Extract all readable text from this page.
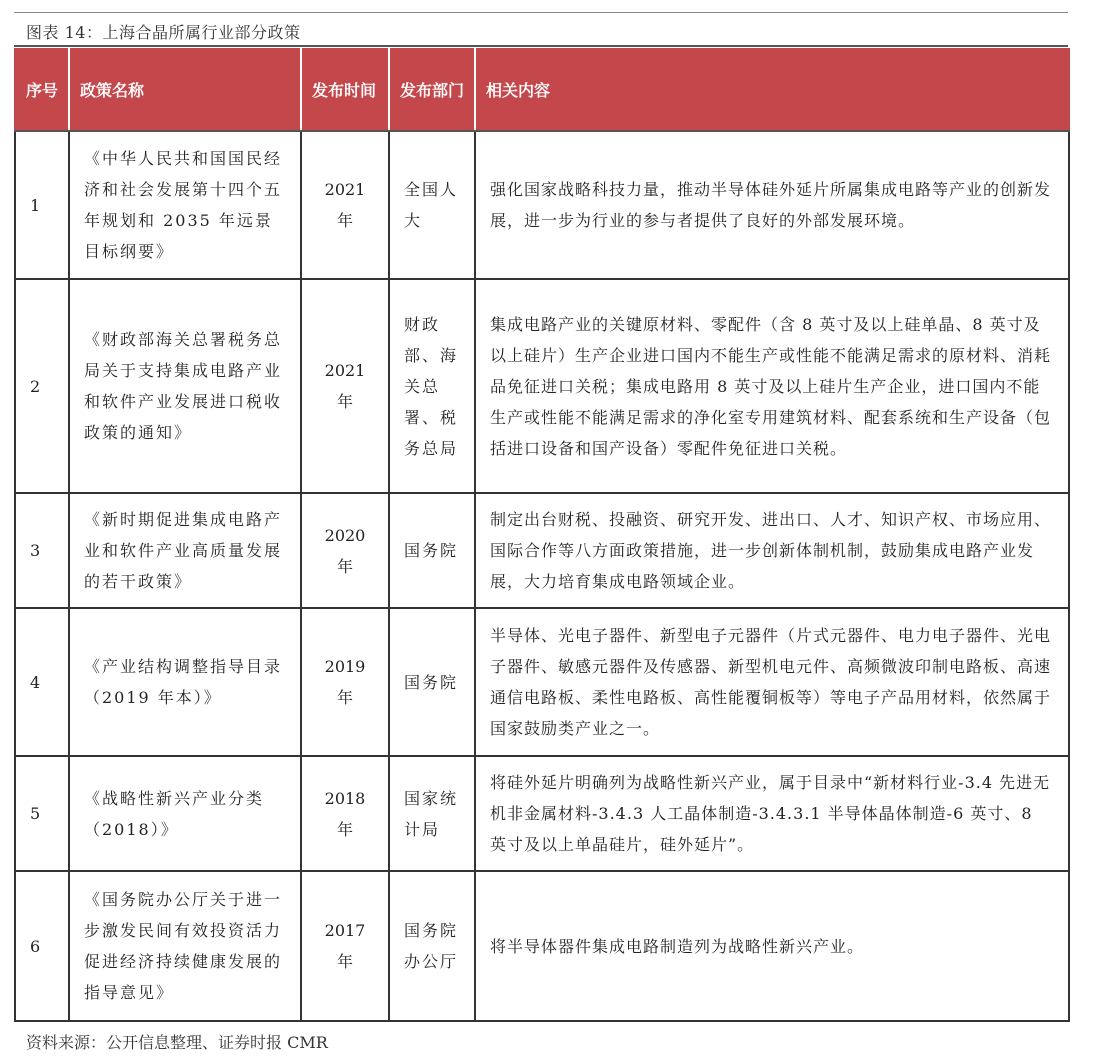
图表 14：上海合晶所属行业部分政策
序号	政策名称	发布时间	发布部门	相关内容
1	《中华人民共和国国民经济和社会发展第十四个五年规划和 2035 年远景目标纲要》	2021 年	全国人大	强化国家战略科技力量，推动半导体硅外延片所属集成电路等产业的创新发展，进一步为行业的参与者提供了良好的外部发展环境。
2	《财政部海关总署税务总局关于支持集成电路产业和软件产业发展进口税收政策的通知》	2021 年	财政部、海关总署、税务总局	集成电路产业的关键原材料、零配件（含 8 英寸及以上硅单晶、8 英寸及以上硅片）生产企业进口国内不能生产或性能不能满足需求的原材料、消耗品免征进口关税；集成电路用 8 英寸及以上硅片生产企业，进口国内不能生产或性能不能满足需求的净化室专用建筑材料、配套系统和生产设备（包括进口设备和国产设备）零配件免征进口关税。
3	《新时期促进集成电路产业和软件产业高质量发展的若干政策》	2020 年	国务院	制定出台财税、投融资、研究开发、进出口、人才、知识产权、市场应用、国际合作等八方面政策措施，进一步创新体制机制，鼓励集成电路产业发展，大力培育集成电路领域企业。
4	《产业结构调整指导目录（2019 年本）》	2019 年	国务院	半导体、光电子器件、新型电子元器件（片式元器件、电力电子器件、光电子器件、敏感元器件及传感器、新型机电元件、高频微波印制电路板、高速通信电路板、柔性电路板、高性能覆铜板等）等电子产品用材料，依然属于国家鼓励类产业之一。
5	《战略性新兴产业分类（2018）》	2018 年	国家统计局	将硅外延片明确列为战略性新兴产业，属于目录中“新材料行业-3.4 先进无机非金属材料-3.4.3 人工晶体制造-3.4.3.1 半导体晶体制造-6 英寸、8 英寸及以上单晶硅片，硅外延片”。
6	《国务院办公厅关于进一步激发民间有效投资活力促进经济持续健康发展的指导意见》	2017 年	国务院办公厅	将半导体器件集成电路制造列为战略性新兴产业。
资料来源：公开信息整理、证券时报 CMR
